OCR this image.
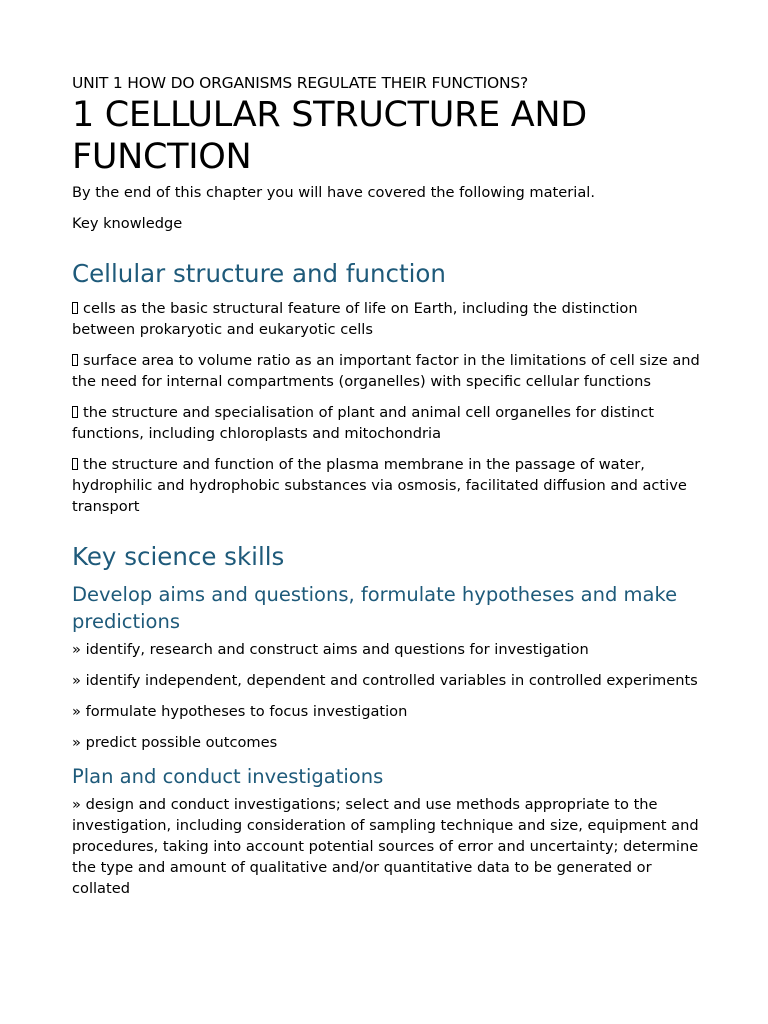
UNIT 1 HOW DO ORGANISMS REGULATE THEIR FUNCTIONS?
1 CELLULAR STRUCTURE AND FUNCTION

By the end of this chapter you will have covered the following material.

Key knowledge

Cellular structure and function

cells as the basic structural feature of life on Earth, including the distinction between prokaryotic and eukaryotic cells

surface area to volume ratio as an important factor in the limitations of cell size and the need for internal compartments (organelles) with specific cellular functions

the structure and specialisation of plant and animal cell organelles for distinct functions, including chloroplasts and mitochondria

the structure and function of the plasma membrane in the passage of water, hydrophilic and hydrophobic substances via osmosis, facilitated diffusion and active transport

Key science skills
Develop aims and questions, formulate hypotheses and make predictions

» identify, research and construct aims and questions for investigation

» identify independent, dependent and controlled variables in controlled experiments

» formulate hypotheses to focus investigation

» predict possible outcomes

Plan and conduct investigations

» design and conduct investigations; select and use methods appropriate to the investigation, including consideration of sampling technique and size, equipment and procedures, taking into account potential sources of error and uncertainty; determine the type and amount of qualitative and/or quantitative data to be generated or collated
